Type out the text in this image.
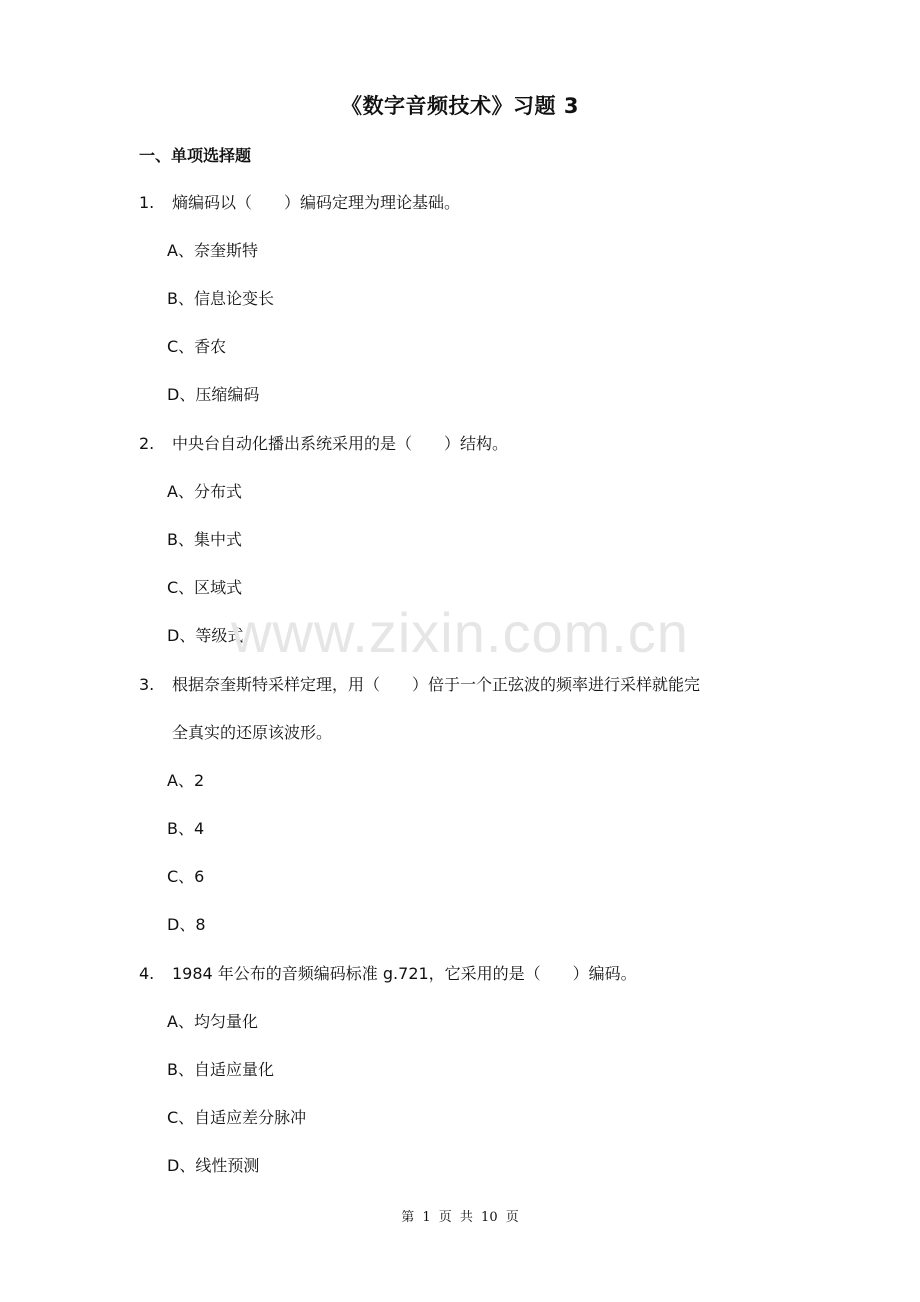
《数字音频技术》习题 3
一、单项选择题
1. 熵编码以（　　）编码定理为理论基础。
A、奈奎斯特
B、信息论变长
C、香农
D、压缩编码
2. 中央台自动化播出系统采用的是（　　）结构。
A、分布式
B、集中式
C、区域式
D、等级式
3. 根据奈奎斯特采样定理，用（　　）倍于一个正弦波的频率进行采样就能完
全真实的还原该波形。
A、2
B、4
C、6
D、8
4. 1984 年公布的音频编码标准 g.721，它采用的是（　　）编码。
A、均匀量化
B、自适应量化
C、自适应差分脉冲
D、线性预测
www.zixin.com.cn
第 1 页 共 10 页
